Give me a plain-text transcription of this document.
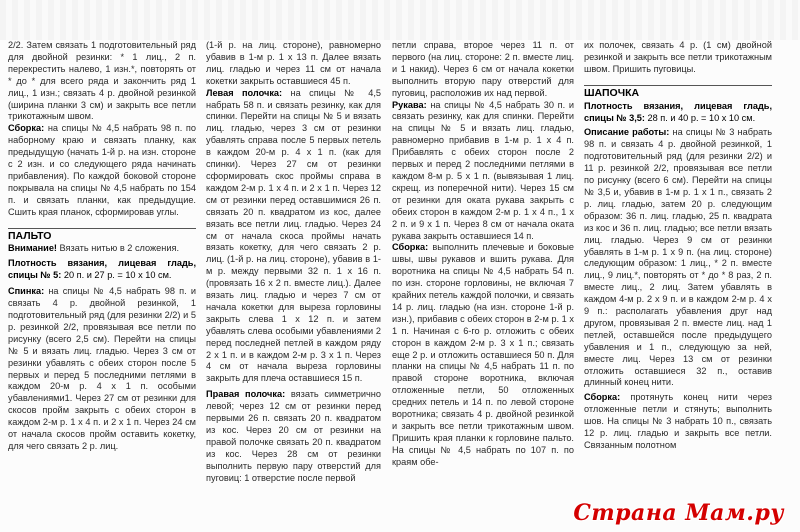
2/2. Затем связать 1 подготовительный ряд для двойной резинки: * 1 лиц., 2 п. перекрестить налево, 1 изн.*, повторять от * до * для всего ряда и закончить ряд 1 лиц., 1 изн.; связать 4 р. двойной резинкой (ширина планки 3 см) и закрыть все петли трикотажным швом.

Сборка: на спицы № 4,5 набрать 98 п. по наборному краю и связать планку, как предыдущую (начать 1-й р. на изн. стороне с 2 изн. и со следующего ряда начинать прибавления). По каждой боковой стороне покрывала на спицы № 4,5 набрать по 154 п. и связать планки, как предыдущие. Сшить края планок, сформировав углы.

ПАЛЬТО

Внимание! Вязать нитью в 2 сложения.

Плотность вязания, лицевая гладь, спицы № 5: 20 п. и 27 р. = 10 x 10 см.

Спинка: на спицы № 4,5 набрать 98 п. и связать 4 р. двойной резинкой, 1 подготовительный ряд (для резинки 2/2) и 5 р. резинкой 2/2, провязывая все петли по рисунку (всего 2,5 см). Перейти на спицы № 5 и вязать лиц. гладью. Через 3 см от резинки убавлять с обеих сторон после 5 первых и перед 5 последними петлями в каждом 20-м р. 4 x 1 п. особыми убавлениями1. Через 27 см от резинки для скосов пройм закрыть с обеих сторон в каждом 2-м р. 1 x 4 п. и 2 x 1 п. Через 24 см от начала скосов пройм оставить кокетку, для чего связать 2 р. лиц.

(1-й р. на лиц. стороне), равномерно убавив в 1-м р. 1 x 13 п. Далее вязать лиц. гладью и через 11 см от начала кокетки закрыть оставшиеся 45 п.

Левая полочка: на спицы № 4,5 набрать 58 п. и связать резинку, как для спинки. Перейти на спицы № 5 и вязать лиц. гладью, через 3 см от резинки убавлять справа после 5 первых петель в каждом 20-м р. 4 x 1 п. (как для спинки). Через 27 см от резинки сформировать скос проймы справа в каждом 2-м р. 1 x 4 п. и 2 x 1 п. Через 12 см от резинки перед оставшимися 26 п. связать 20 п. квадратом из кос, далее вязать все петли лиц. гладью. Через 24 см от начала скоса проймы начать вязать кокетку, для чего связать 2 р. лиц. (1-й р. на лиц. стороне), убавив в 1-м р. между первыми 32 п. 1 x 16 п. (провязать 16 x 2 п. вместе лиц.). Далее вязать лиц. гладью и через 7 см от начала кокетки для выреза горловины закрыть слева 1 x 12 п. и затем убавлять слева особыми убавлениями 2 перед последней петлей в каждом ряду 2 x 1 п. и в каждом 2-м р. 3 x 1 п. Через 4 см от начала выреза горловины закрыть для плеча оставшиеся 15 п.

Правая полочка: вязать симметрично левой; через 12 см от резинки перед первыми 26 п. связать 20 п. квадратом из кос. Через 20 см от резинки на правой полочке связать 20 п. квадратом из кос. Через 28 см от резинки выполнить первую пару отверстий для пуговиц: 1 отверстие после первой

петли справа, второе через 11 п. от первого (на лиц. стороне: 2 п. вместе лиц. и 1 накид). Через 6 см от начала кокетки выполнить вторую пару отверстий для пуговиц, расположив их над первой.

Рукава: на спицы № 4,5 набрать 30 п. и связать резинку, как для спинки. Перейти на спицы № 5 и вязать лиц. гладью, равномерно прибавив в 1-м р. 1 x 4 п. Прибавлять с обеих сторон после 2 первых и перед 2 последними петлями в каждом 8-м р. 5 x 1 п. (вывязывая 1 лиц. скрещ. из поперечной нити). Через 15 см от резинки для оката рукава закрыть с обеих сторон в каждом 2-м р. 1 x 4 п., 1 x 2 п. и 9 x 1 п. Через 8 см от начала оката рукава закрыть оставшиеся 14 п.

Сборка: выполнить плечевые и боковые швы, швы рукавов и вшить рукава. Для воротника на спицы № 4,5 набрать 54 п. по изн. стороне горловины, не включая 7 крайних петель каждой полочки, и связать 14 р. лиц. гладью (на изн. стороне 1-й р. изн.), прибавив с обеих сторон в 2-м р. 1 x 1 п. Начиная с 6-го р. отложить с обеих сторон в каждом 2-м р. 3 x 1 п.; связать еще 2 р. и отложить оставшиеся 50 п. Для планки на спицы № 4,5 набрать 11 п. по правой стороне воротника, включая отложенные петли, 50 отложенных средних петель и 14 п. по левой стороне воротника; связать 4 р. двойной резинкой и закрыть все петли трикотажным швом. Пришить края планки к горловине пальто. На спицы № 4,5 набрать по 107 п. по краям обе-

их полочек, связать 4 р. (1 см) двойной резинкой и закрыть все петли трикотажным швом. Пришить пуговицы.

ШАПОЧКА

Плотность вязания, лицевая гладь, спицы № 3,5: 28 п. и 40 р. = 10 x 10 см.

Описание работы: на спицы № 3 набрать 98 п. и связать 4 р. двойной резинкой, 1 подготовительный ряд (для резинки 2/2) и 11 р. резинкой 2/2, провязывая все петли по рисунку (всего 6 см). Перейти на спицы № 3,5 и, убавив в 1-м р. 1 x 1 п., связать 2 р. лиц. гладью, затем 20 р. следующим образом: 36 п. лиц. гладью, 25 п. квадрата из кос и 36 п. лиц. гладью; все петли вязать лиц. гладью. Через 9 см от резинки убавлять в 1-м р. 1 x 9 п. (на лиц. стороне) следующим образом: 1 лиц., * 2 п. вместе лиц., 9 лиц.*, повторять от * до * 8 раз, 2 п. вместе лиц., 2 лиц. Затем убавлять в каждом 4-м р. 2 x 9 п. и в каждом 2-м р. 4 x 9 п.: располагать убавления друг над другом, провязывая 2 п. вместе лиц. над 1 петлей, оставшейся после предыдущего убавления и 1 п., следующую за ней, вместе лиц. Через 13 см от резинки отложить оставшиеся 32 п., оставив длинный конец нити.

Сборка: протянуть конец нити через отложенные петли и стянуть; выполнить шов. На спицы № 3 набрать 10 п., связать 12 р. лиц. гладью и закрыть все петли. Связанным полотном

Страна Мам.ру
